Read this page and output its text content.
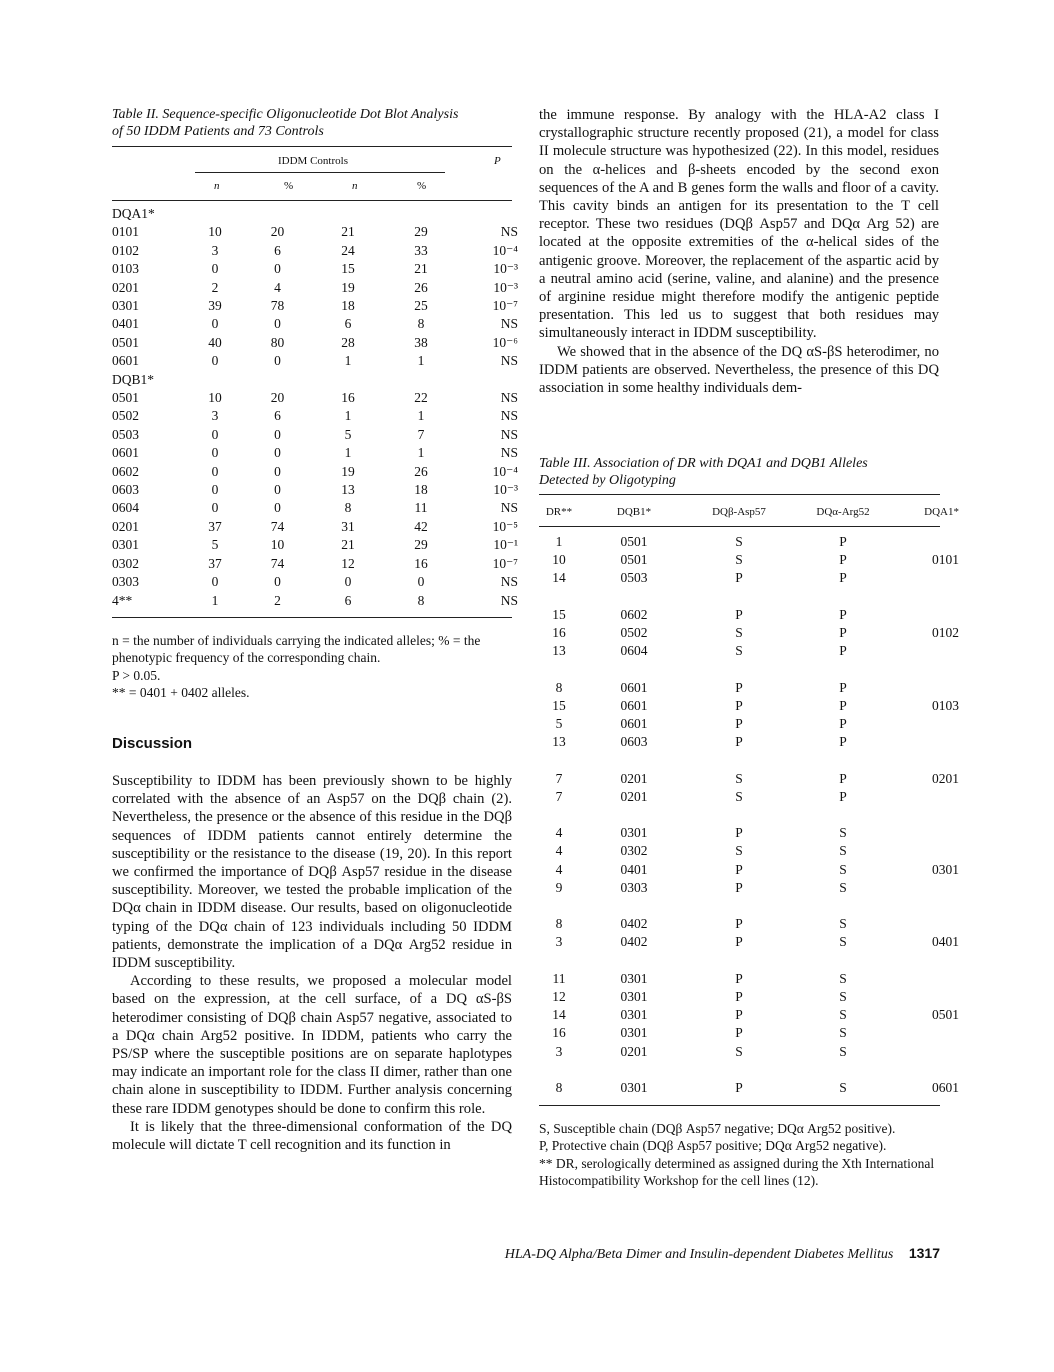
Table II. Sequence-specific Oligonucleotide Dot Blot Analysis
of 50 IDDM Patients and 73 Controls
IDDM Controls	P
n	%	n	%
DQA1*
0101	10	20	21	29	NS
0102	3	6	24	33	10⁻⁴
0103	0	0	15	21	10⁻³
0201	2	4	19	26	10⁻³
0301	39	78	18	25	10⁻⁷
0401	0	0	6	8	NS
0501	40	80	28	38	10⁻⁶
0601	0	0	1	1	NS
DQB1*
0501	10	20	16	22	NS
0502	3	6	1	1	NS
0503	0	0	5	7	NS
0601	0	0	1	1	NS
0602	0	0	19	26	10⁻⁴
0603	0	0	13	18	10⁻³
0604	0	0	8	11	NS
0201	37	74	31	42	10⁻⁵
0301	5	10	21	29	10⁻¹
0302	37	74	12	16	10⁻⁷
0303	0	0	0	0	NS
4**	1	2	6	8	NS
n = the number of individuals carrying the indicated alleles; % = the phenotypic frequency of the corresponding chain.
P > 0.05.
** = 0401 + 0402 alleles.
Discussion

Susceptibility to IDDM has been previously shown to be highly correlated with the absence of an Asp57 on the DQβ chain (2). Nevertheless, the presence or the absence of this residue in the DQβ sequences of IDDM patients cannot entirely determine the susceptibility or the resistance to the disease (19, 20). In this report we confirmed the importance of DQβ Asp57 residue in the disease susceptibility. Moreover, we tested the probable implication of the DQα chain in IDDM disease. Our results, based on oligonucleotide typing of the DQα chain of 123 individuals including 50 IDDM patients, demonstrate the implication of a DQα Arg52 residue in IDDM susceptibility.

According to these results, we proposed a molecular model based on the expression, at the cell surface, of a DQ αS-βS heterodimer consisting of DQβ chain Asp57 negative, associated to a DQα chain Arg52 positive. In IDDM, patients who carry the PS/SP where the susceptible positions are on separate haplotypes may indicate an important role for the class II dimer, rather than one chain alone in susceptibility to IDDM. Further analysis concerning these rare IDDM genotypes should be done to confirm this role.

It is likely that the three-dimensional conformation of the DQ molecule will dictate T cell recognition and its function in

the immune response. By analogy with the HLA-A2 class I crystallographic structure recently proposed (21), a model for class II molecule structure was hypothesized (22). In this model, residues on the α-helices and β-sheets encoded by the second exon sequences of the A and B genes form the walls and floor of a cavity. This cavity binds an antigen for its presentation to the T cell receptor. These two residues (DQβ Asp57 and DQα Arg 52) are located at the opposite extremities of the α-helical sides of the antigenic groove. Moreover, the replacement of the aspartic acid by a neutral amino acid (serine, valine, and alanine) and the presence of arginine residue might therefore modify the antigenic peptide presentation. This led us to suggest that both residues may simultaneously interact in IDDM susceptibility.

We showed that in the absence of the DQ αS-βS heterodimer, no IDDM patients are observed. Nevertheless, the presence of this DQ association in some healthy individuals dem-

Table III. Association of DR with DQA1 and DQB1 Alleles
Detected by Oligotyping
DR**	DQB1*	DQβ-Asp57	DQα-Arg52	DQA1*
1	0501	S	P	
10	0501	S	P	0101
14	0503	P	P	

15	0602	P	P	
16	0502	S	P	0102
13	0604	S	P	

8	0601	P	P	
15	0601	P	P	0103
5	0601	P	P	
13	0603	P	P	

7	0201	S	P	0201
7	0201	S	P	

4	0301	P	S	
4	0302	S	S	
4	0401	P	S	0301
9	0303	P	S	

8	0402	P	S	
3	0402	P	S	0401

11	0301	P	S	
12	0301	P	S	
14	0301	P	S	0501
16	0301	P	S	
3	0201	S	S	

8	0301	P	S	0601
S, Susceptible chain (DQβ Asp57 negative; DQα Arg52 positive).
P, Protective chain (DQβ Asp57 positive; DQα Arg52 negative).
** DR, serologically determined as assigned during the Xth International Histocompatibility Workshop for the cell lines (12).
HLA-DQ Alpha/Beta Dimer and Insulin-dependent Diabetes Mellitus 1317
